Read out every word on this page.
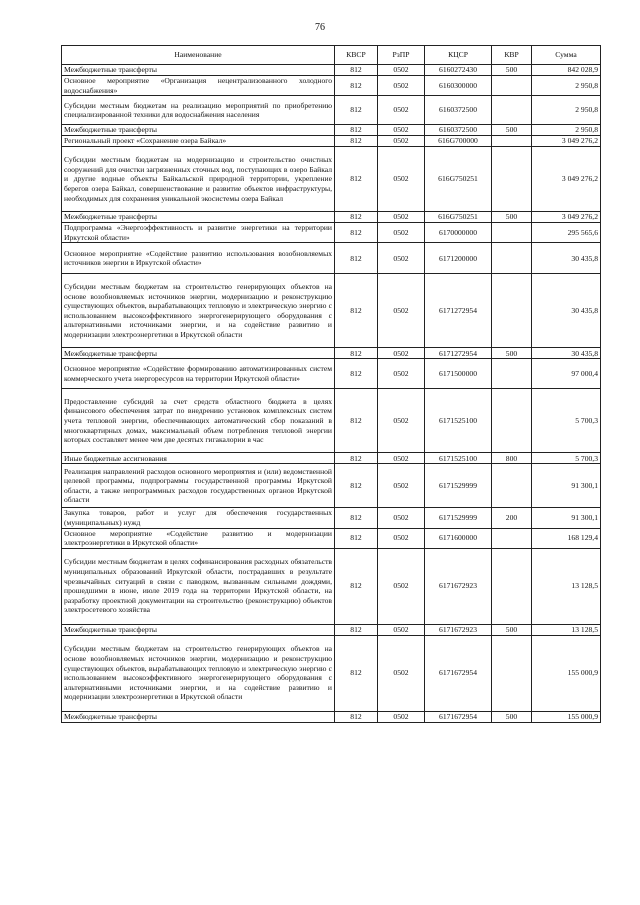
76
Наименование	КВСР	РзПР	КЦСР	КВР	Сумма
Межбюджетные трансферты	812	0502	6160272430	500	842 028,9
Основное мероприятие «Организация нецентрализованного холодного водоснабжения»	812	0502	6160300000		2 950,8
Субсидии местным бюджетам на реализацию мероприятий по приобретению специализированной техники для водоснабжения населения	812	0502	6160372500		2 950,8
Межбюджетные трансферты	812	0502	6160372500	500	2 950,8
Региональный проект «Сохранение озера Байкал»	812	0502	616G700000		3 049 276,2
Субсидии местным бюджетам на модернизацию и строительство очистных сооружений для очистки загрязненных сточных вод, поступающих в озеро Байкал и другие водные объекты Байкальской природной территории, укрепление берегов озера Байкал, совершенствование и развитие объектов инфраструктуры, необходимых для сохранения уникальной экосистемы озера Байкал	812	0502	616G750251		3 049 276,2
Межбюджетные трансферты	812	0502	616G750251	500	3 049 276,2
Подпрограмма «Энергоэффективность и развитие энергетики на территории Иркутской области»	812	0502	6170000000		295 565,6
Основное мероприятие «Содействие развитию использования возобновляемых источников энергии в Иркутской области»	812	0502	6171200000		30 435,8
Субсидии местным бюджетам на строительство генерирующих объектов на основе возобновляемых источников энергии, модернизацию и реконструкцию существующих объектов, вырабатывающих тепловую и электрическую энергию с использованием высокоэффективного энергогенерирующего оборудования с альтернативными источниками энергии, и на содействие развитию и модернизации электроэнергетики в Иркутской области	812	0502	6171272954		30 435,8
Межбюджетные трансферты	812	0502	6171272954	500	30 435,8
Основное мероприятие «Содействие формированию автоматизированных систем коммерческого учета энергоресурсов на территории Иркутской области»	812	0502	6171500000		97 000,4
Предоставление субсидий за счет средств областного бюджета в целях финансового обеспечения затрат по внедрению установок комплексных систем учета тепловой энергии, обеспечивающих автоматический сбор показаний в многоквартирных домах, максимальный объем потребления тепловой энергии которых составляет менее чем две десятых гигакалории в час	812	0502	6171525100		5 700,3
Иные бюджетные ассигнования	812	0502	6171525100	800	5 700,3
Реализация направлений расходов основного мероприятия и (или) ведомственной целевой программы, подпрограммы государственной программы Иркутской области, а также непрограммных расходов государственных органов Иркутской области	812	0502	6171529999		91 300,1
Закупка товаров, работ и услуг для обеспечения государственных (муниципальных) нужд	812	0502	6171529999	200	91 300,1
Основное мероприятие «Содействие развитию и модернизации электроэнергетики в Иркутской области»	812	0502	6171600000		168 129,4
Субсидии местным бюджетам в целях софинансирования расходных обязательств муниципальных образований Иркутской области, пострадавших в результате чрезвычайных ситуаций в связи с паводком, вызванным сильными дождями, прошедшими в июне, июле 2019 года на территории Иркутской области, на разработку проектной документации на строительство (реконструкцию) объектов электросетевого хозяйства	812	0502	6171672923		13 128,5
Межбюджетные трансферты	812	0502	6171672923	500	13 128,5
Субсидии местным бюджетам на строительство генерирующих объектов на основе возобновляемых источников энергии, модернизацию и реконструкцию существующих объектов, вырабатывающих тепловую и электрическую энергию с использованием высокоэффективного энергогенерирующего оборудования с альтернативными источниками энергии, и на содействие развитию и модернизации электроэнергетики в Иркутской области	812	0502	6171672954		155 000,9
Межбюджетные трансферты	812	0502	6171672954	500	155 000,9
